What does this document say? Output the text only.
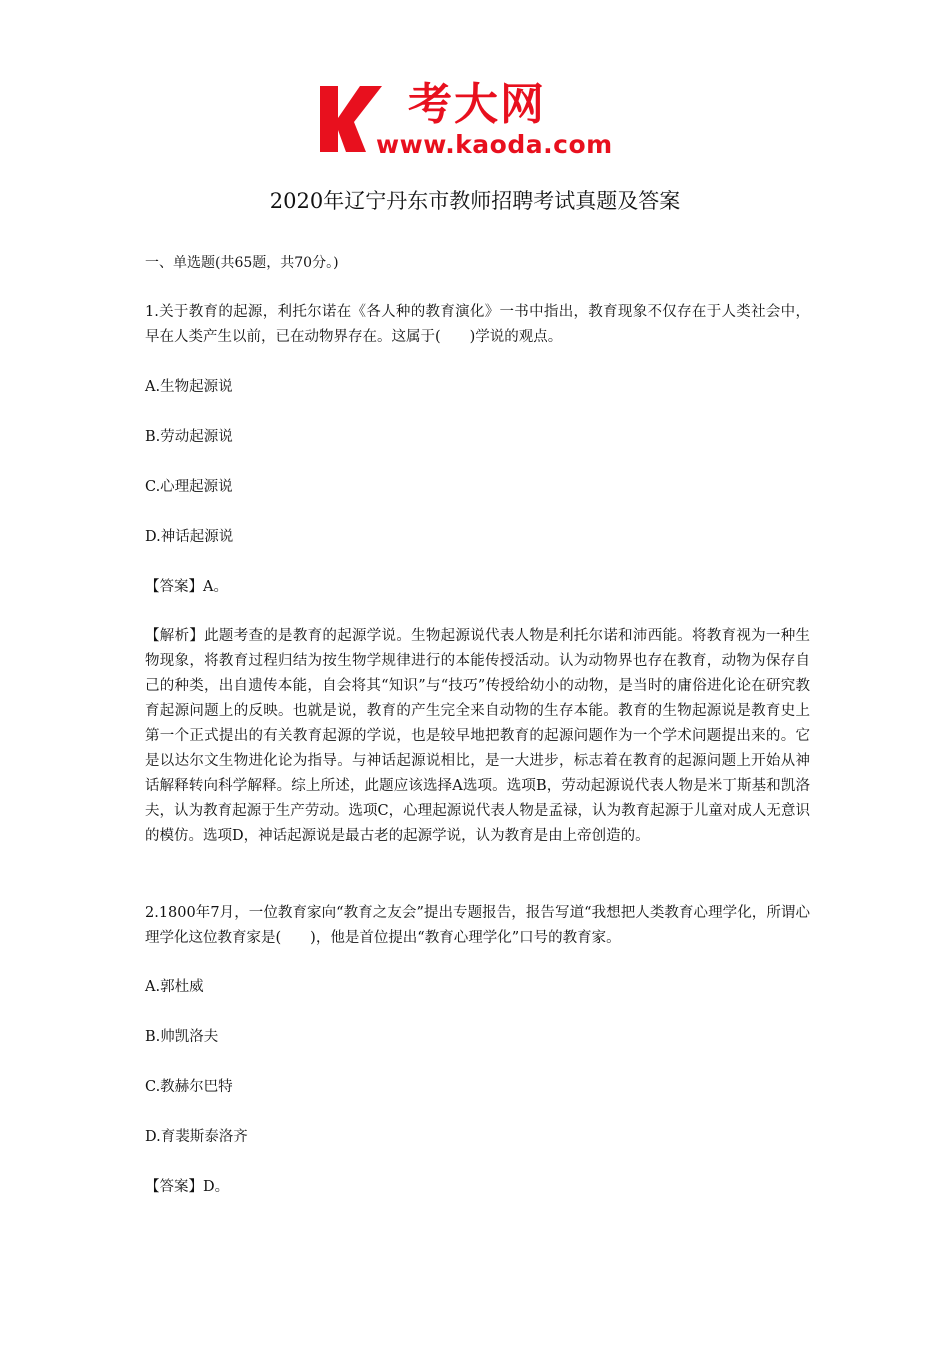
考大网
www.kaoda.com
2020年辽宁丹东市教师招聘考试真题及答案
一、单选题(共65题，共70分。)

1.关于教育的起源，利托尔诺在《各人种的教育演化》一书中指出，教育现象不仅存在于人类社会中，早在人类产生以前，已在动物界存在。这属于(　　)学说的观点。

A.生物起源说
B.劳动起源说
C.心理起源说
D.神话起源说
【答案】A。

【解析】此题考查的是教育的起源学说。生物起源说代表人物是利托尔诺和沛西能。将教育视为一种生物现象，将教育过程归结为按生物学规律进行的本能传授活动。认为动物界也存在教育，动物为保存自己的种类，出自遗传本能，自会将其“知识”与“技巧”传授给幼小的动物，是当时的庸俗进化论在研究教育起源问题上的反映。也就是说，教育的产生完全来自动物的生存本能。教育的生物起源说是教育史上第一个正式提出的有关教育起源的学说，也是较早地把教育的起源问题作为一个学术问题提出来的。它是以达尔文生物进化论为指导。与神话起源说相比，是一大进步，标志着在教育的起源问题上开始从神话解释转向科学解释。综上所述，此题应该选择A选项。选项B，劳动起源说代表人物是米丁斯基和凯洛夫，认为教育起源于生产劳动。选项C，心理起源说代表人物是孟禄，认为教育起源于儿童对成人无意识的模仿。选项D，神话起源说是最古老的起源学说，认为教育是由上帝创造的。

2.1800年7月，一位教育家向“教育之友会”提出专题报告，报告写道“我想把人类教育心理学化，所谓心理学化这位教育家是(　　)，他是首位提出“教育心理学化”口号的教育家。

A.郭杜威
B.帅凯洛夫
C.教赫尔巴特
D.育裴斯泰洛齐
【答案】D。
